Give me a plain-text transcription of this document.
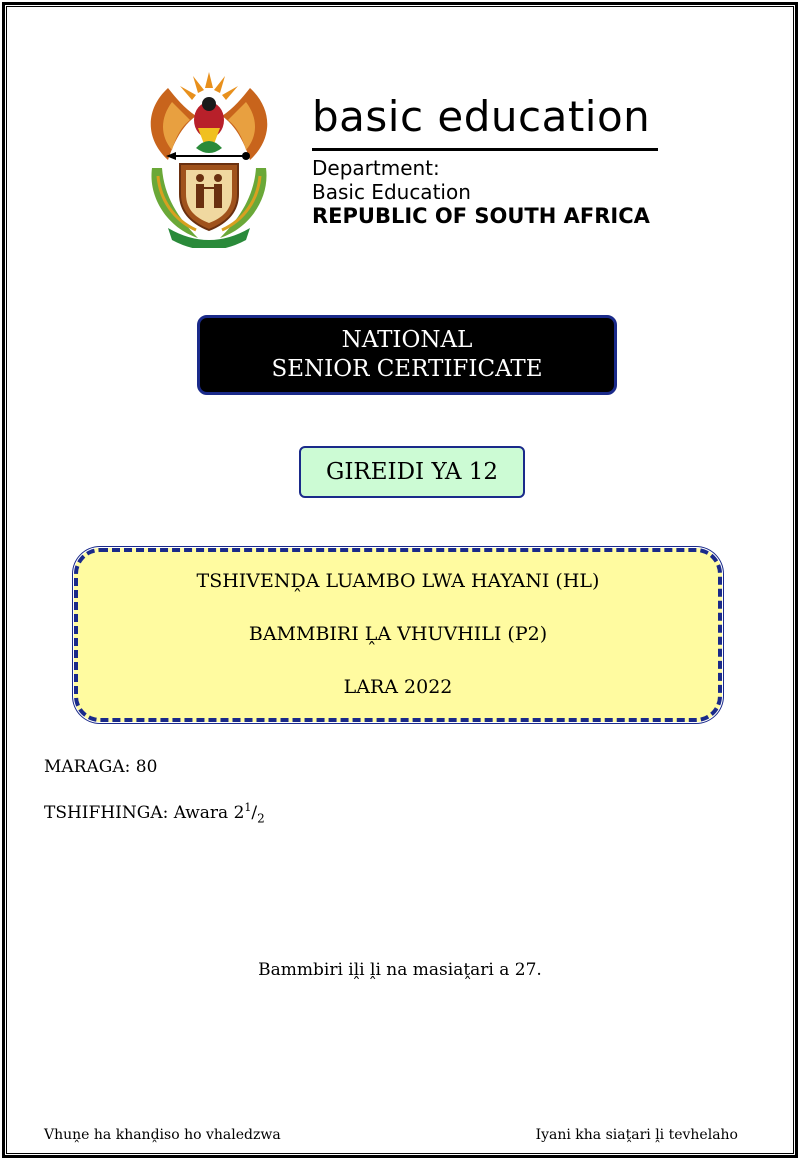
basic education
Department:
Basic Education
REPUBLIC OF SOUTH AFRICA
NATIONAL
SENIOR CERTIFICATE
GIREIDI YA 12
TSHIVENḒA LUAMBO LWA HAYANI (HL)
BAMMBIRI ḼA VHUVHILI (P2)
LARA 2022
MARAGA: 80
TSHIFHINGA: Awara $2^1/_2$
Bammbiri iḽi ḽi na masiaṱari a 27.
Vhuṋe ha khanḓiso ho vhaledzwa	Iyani kha siaṱari ḽi tevhelaho
